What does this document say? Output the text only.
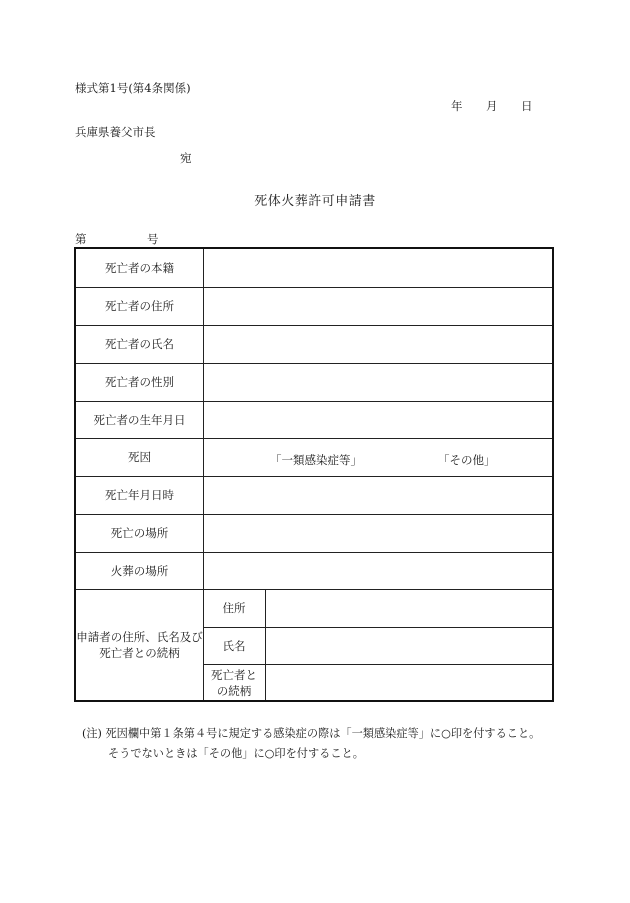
様式第1号(第4条関係)
年 月 日
兵庫県養父市長
宛
死体火葬許可申請書
第	号
死亡者の本籍
死亡者の住所
死亡者の氏名
死亡者の性別
死亡者の生年月日
死因
死亡年月日時
死亡の場所
火葬の場所
「一類感染症等」	「その他」
申請者の住所、氏名及び
死亡者との続柄
住所
氏名
死亡者と
の続柄
(注) 死因欄中第１条第４号に規定する感染症の際は「一類感染症等」に○印を付すること。
そうでないときは「その他」に○印を付すること。
